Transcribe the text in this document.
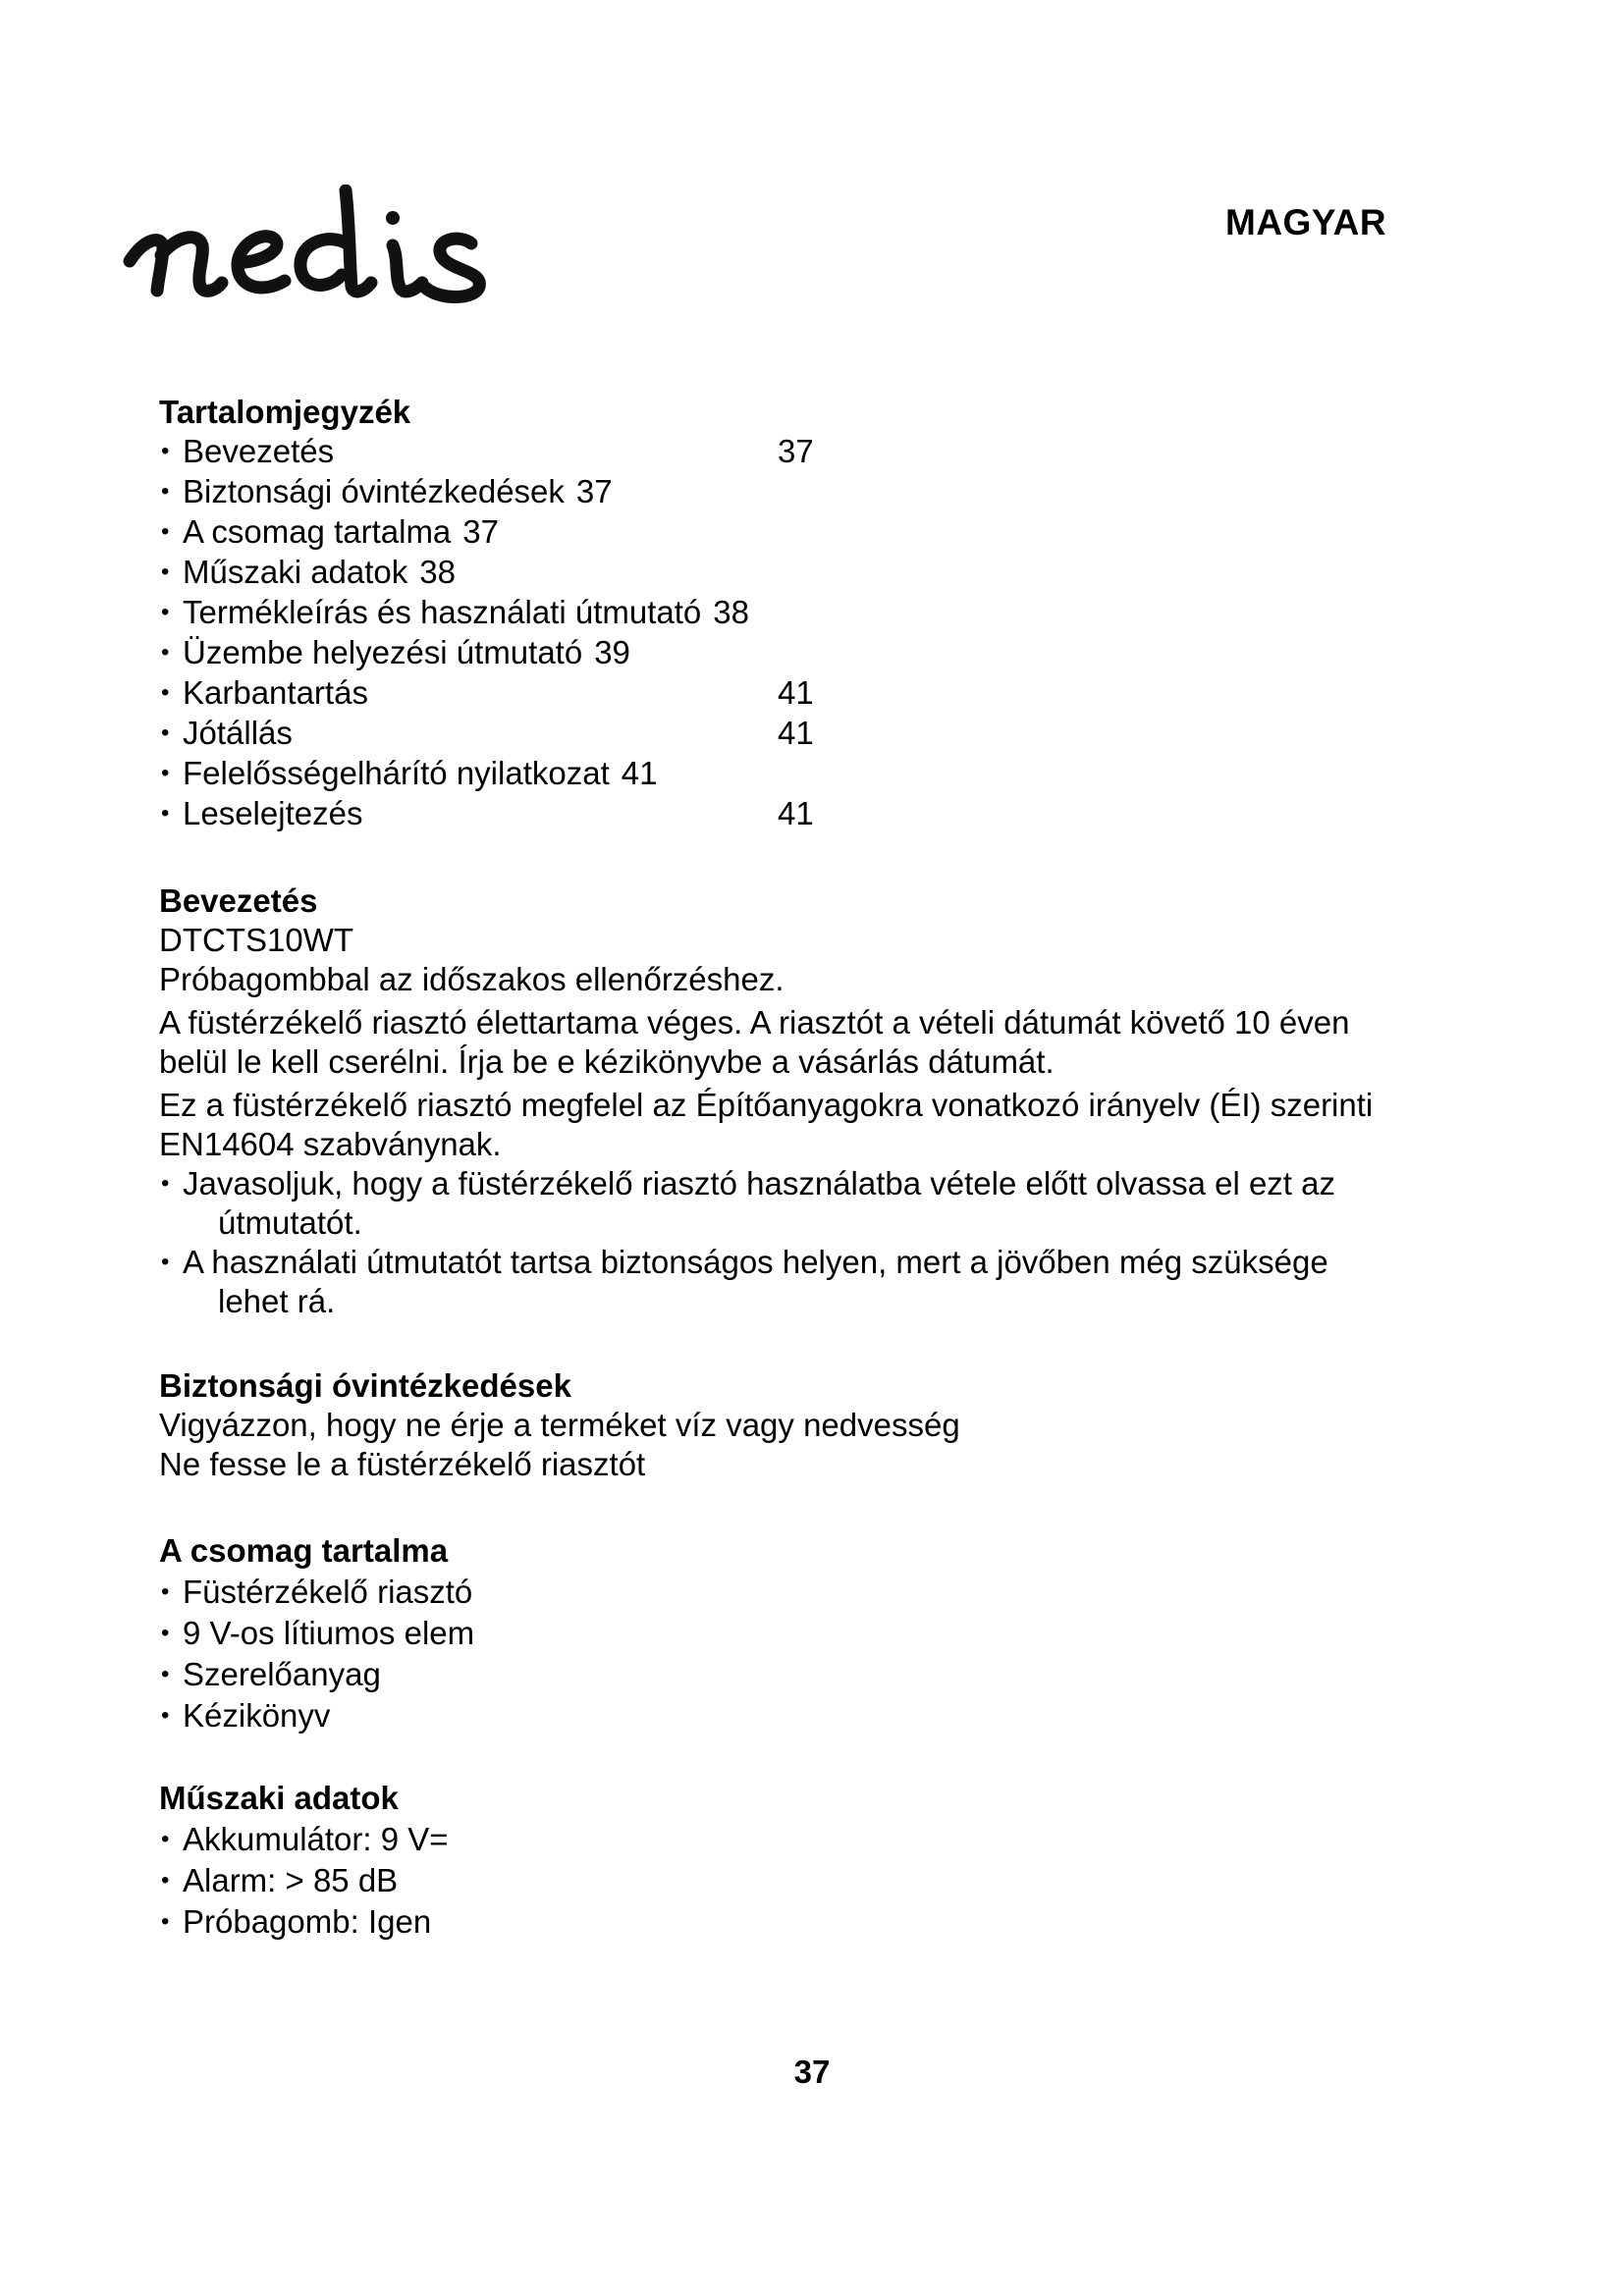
nedis
MAGYAR
Tartalomjegyzék
• Bevezetés	37
• Biztonsági óvintézkedések 37
• A csomag tartalma 37
• Műszaki adatok 38
• Termékleírás és használati útmutató 38
• Üzembe helyezési útmutató 39
• Karbantartás	41
• Jótállás	41
• Felelősségelhárító nyilatkozat 41
• Leselejtezés	41
Bevezetés
DTCTS10WT

Próbagombbal az időszakos ellenőrzéshez.

A füstérzékelő riasztó élettartama véges. A riasztót a vételi dátumát követő 10 éven belül le kell cserélni. Írja be e kézikönyvbe a vásárlás dátumát.

Ez a füstérzékelő riasztó megfelel az Építőanyagokra vonatkozó irányelv (ÉI) szerinti EN14604 szabványnak.

• Javasoljuk, hogy a füstérzékelő riasztó használatba vétele előtt olvassa el ezt az
útmutatót.
• A használati útmutatót tartsa biztonságos helyen, mert a jövőben még szüksége
lehet rá.
Biztonsági óvintézkedések

Vigyázzon, hogy ne érje a terméket víz vagy nedvesség

Ne fesse le a füstérzékelő riasztót

A csomag tartalma
• Füstérzékelő riasztó
• 9 V-os lítiumos elem
• Szerelőanyag
• Kézikönyv
Műszaki adatok
• Akkumulátor: 9 V=
• Alarm: > 85 dB
• Próbagomb: Igen
37
